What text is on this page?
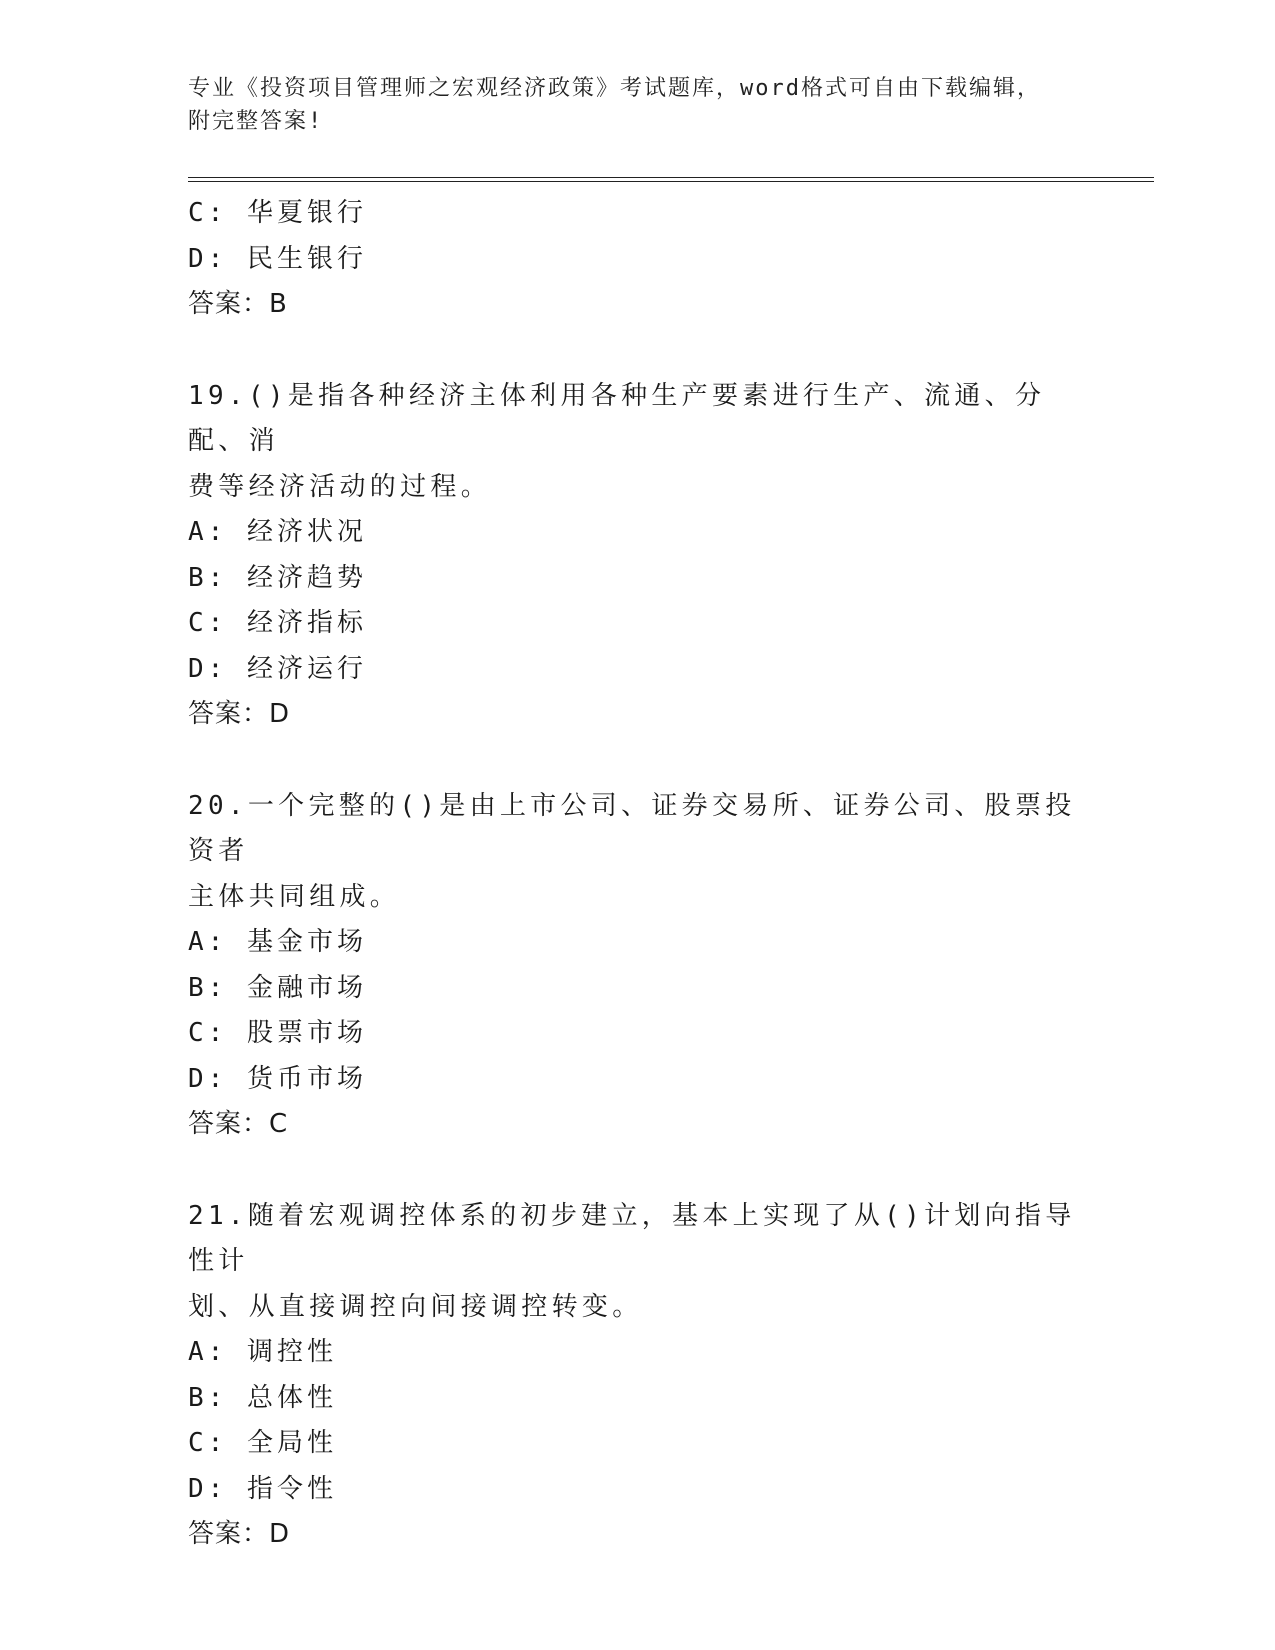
专业《投资项目管理师之宏观经济政策》考试题库，word格式可自由下载编辑，
附完整答案!
C: 华夏银行
D: 民生银行
答案：B
19.()是指各种经济主体利用各种生产要素进行生产、流通、分配、消
费等经济活动的过程。
A: 经济状况
B: 经济趋势
C: 经济指标
D: 经济运行
答案：D
20.一个完整的()是由上市公司、证券交易所、证券公司、股票投资者
主体共同组成。
A: 基金市场
B: 金融市场
C: 股票市场
D: 货币市场
答案：C
21.随着宏观调控体系的初步建立，基本上实现了从()计划向指导性计
划、从直接调控向间接调控转变。
A: 调控性
B: 总体性
C: 全局性
D: 指令性
答案：D
